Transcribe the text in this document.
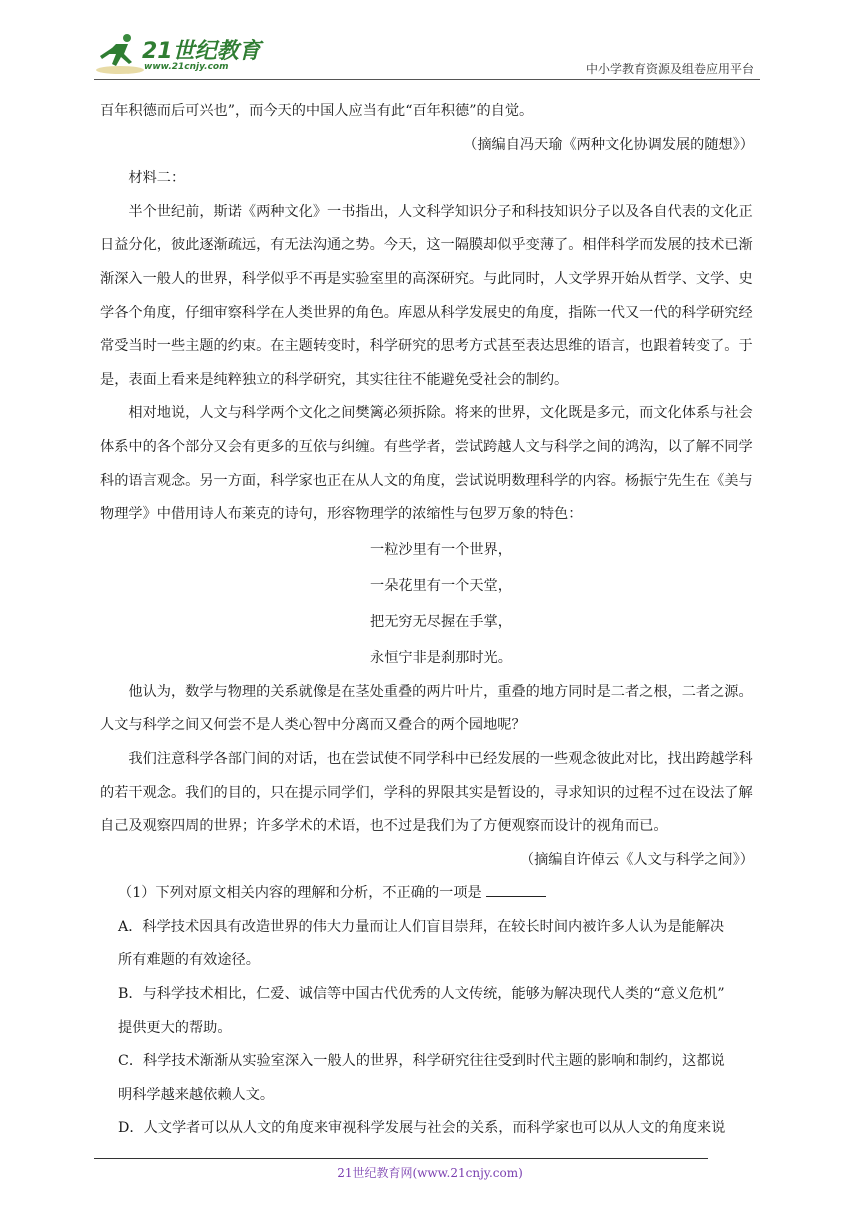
21世纪教育
www.21cnjy.com	中小学教育资源及组卷应用平台

百年积德而后可兴也”，而今天的中国人应当有此“百年积德”的自觉。

（摘编自冯天瑜《两种文化协调发展的随想》）

材料二：

半个世纪前，斯诺《两种文化》一书指出，人文科学知识分子和科技知识分子以及各自代表的文化正日益分化，彼此逐渐疏远，有无法沟通之势。今天，这一隔膜却似乎变薄了。相伴科学而发展的技术已渐渐深入一般人的世界，科学似乎不再是实验室里的高深研究。与此同时，人文学界开始从哲学、文学、史学各个角度，仔细审察科学在人类世界的角色。库恩从科学发展史的角度，指陈一代又一代的科学研究经常受当时一些主题的约束。在主题转变时，科学研究的思考方式甚至表达思维的语言，也跟着转变了。于是，表面上看来是纯粹独立的科学研究，其实往往不能避免受社会的制约。

相对地说，人文与科学两个文化之间樊篱必须拆除。将来的世界，文化既是多元，而文化体系与社会体系中的各个部分又会有更多的互依与纠缠。有些学者，尝试跨越人文与科学之间的鸿沟，以了解不同学科的语言观念。另一方面，科学家也正在从人文的角度，尝试说明数理科学的内容。杨振宁先生在《美与物理学》中借用诗人布莱克的诗句，形容物理学的浓缩性与包罗万象的特色：

一粒沙里有一个世界，

一朵花里有一个天堂，

把无穷无尽握在手掌，

永恒宁非是刹那时光。

他认为，数学与物理的关系就像是在茎处重叠的两片叶片，重叠的地方同时是二者之根，二者之源。人文与科学之间又何尝不是人类心智中分离而又叠合的两个园地呢？

我们注意科学各部门间的对话，也在尝试使不同学科中已经发展的一些观念彼此对比，找出跨越学科的若干观念。我们的目的，只在提示同学们，学科的界限其实是暂设的，寻求知识的过程不过在设法了解自己及观察四周的世界；许多学术的术语，也不过是我们为了方便观察而设计的视角而已。

（摘编自许倬云《人文与科学之间》）

（1）下列对原文相关内容的理解和分析，不正确的一项是

A．科学技术因具有改造世界的伟大力量而让人们盲目崇拜，在较长时间内被许多人认为是能解决

所有难题的有效途径。

B．与科学技术相比，仁爱、诚信等中国古代优秀的人文传统，能够为解决现代人类的“意义危机”

提供更大的帮助。

C．科学技术渐渐从实验室深入一般人的世界，科学研究往往受到时代主题的影响和制约，这都说

明科学越来越依赖人文。

D．人文学者可以从人文的角度来审视科学发展与社会的关系，而科学家也可以从人文的角度来说

21世纪教育网(www.21cnjy.com)
